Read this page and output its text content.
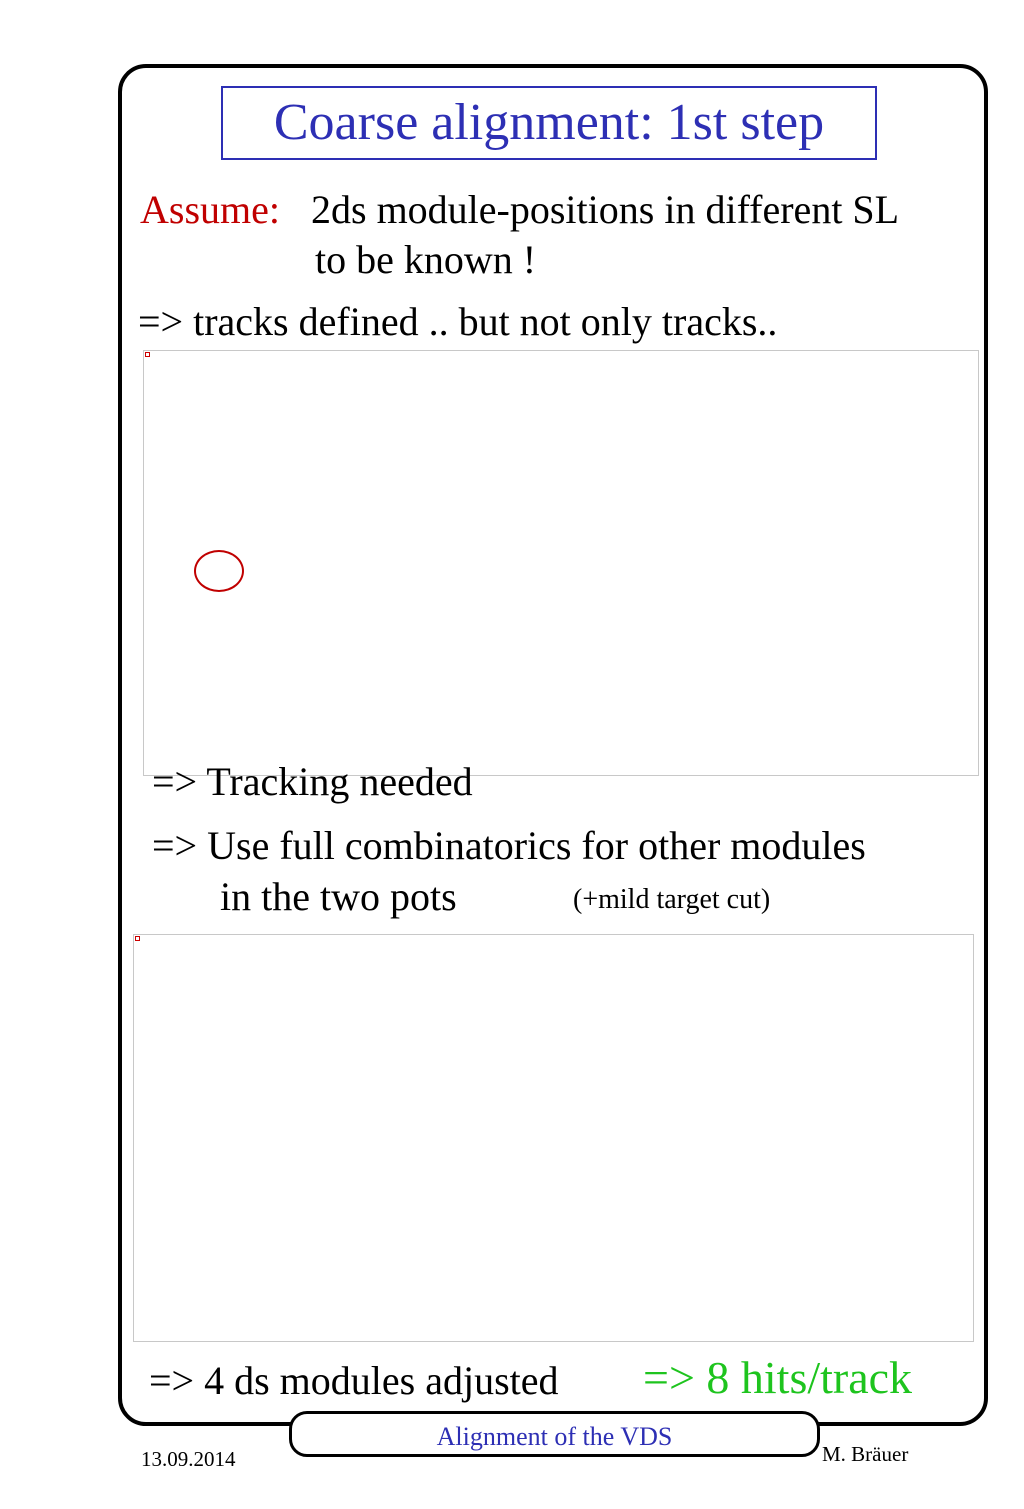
Coarse alignment: 1st step
Assume: 2ds module-positions in different SL
to be known !
=> tracks defined .. but not only tracks..
=> Tracking needed
=> Use full combinatorics for other modules
in the two pots	(+mild target cut)
=> 4 ds modules adjusted => 8 hits/track
Alignment of the VDS
13.09.2014	M. Bräuer
